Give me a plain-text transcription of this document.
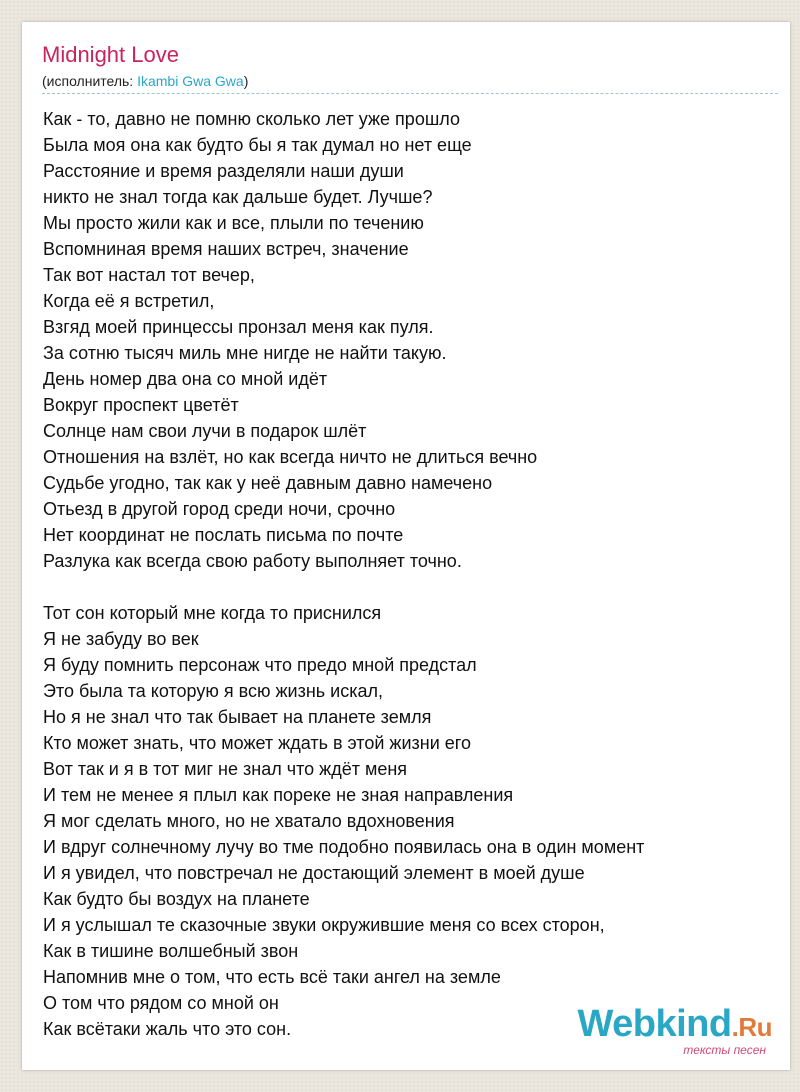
Midnight Love
(исполнитель: Ikambi Gwa Gwa)
Как - то, давно не помню сколько лет уже прошло
Была моя она как будто бы я так думал но нет еще
Расстояние и время разделяли наши души
никто не знал тогда как дальше будет. Лучше?
Мы просто жили как и все, плыли по течению
Вспомниная время наших встреч, значение
Так вот настал тот вечер,
Когда её я встретил,
Взгяд моей принцессы пронзал меня как пуля.
За сотню тысяч миль мне нигде не найти такую.
День номер два она со мной идёт
Вокруг проспект цветёт
Солнце нам свои лучи в подарок шлёт
Отношения на взлёт, но как всегда ничто не длиться вечно
Судьбе угодно, так как у неё давным давно намечено
Отьезд в другой город среди ночи, срочно
Нет координат не послать письма по почте
Разлука как всегда свою работу выполняет точно.
Тот сон который мне когда то приснился
Я не забуду во век
Я буду помнить персонаж что предо мной предстал
Это была та которую я всю жизнь искал,
Но я не знал что так бывает на планете земля
Кто может знать, что может ждать в этой жизни его
Вот так и я в тот миг не знал что ждёт меня
И тем не менее я плыл как пореке не зная направления
Я мог сделать много, но не хватало вдохновения
И вдруг солнечному лучу во тме подобно появилась она в один момент
И я увидел, что повстречал не достающий элемент в моей душе
Как будто бы воздух на планете
И я услышал те сказочные звуки окружившие меня со всех сторон,
Как в тишине волшебный звон
Напомнив мне о том, что есть всё таки ангел на земле
О том что рядом со мной он
Как всётаки жаль что это сон.	Webkind.Ru
тексты песен
